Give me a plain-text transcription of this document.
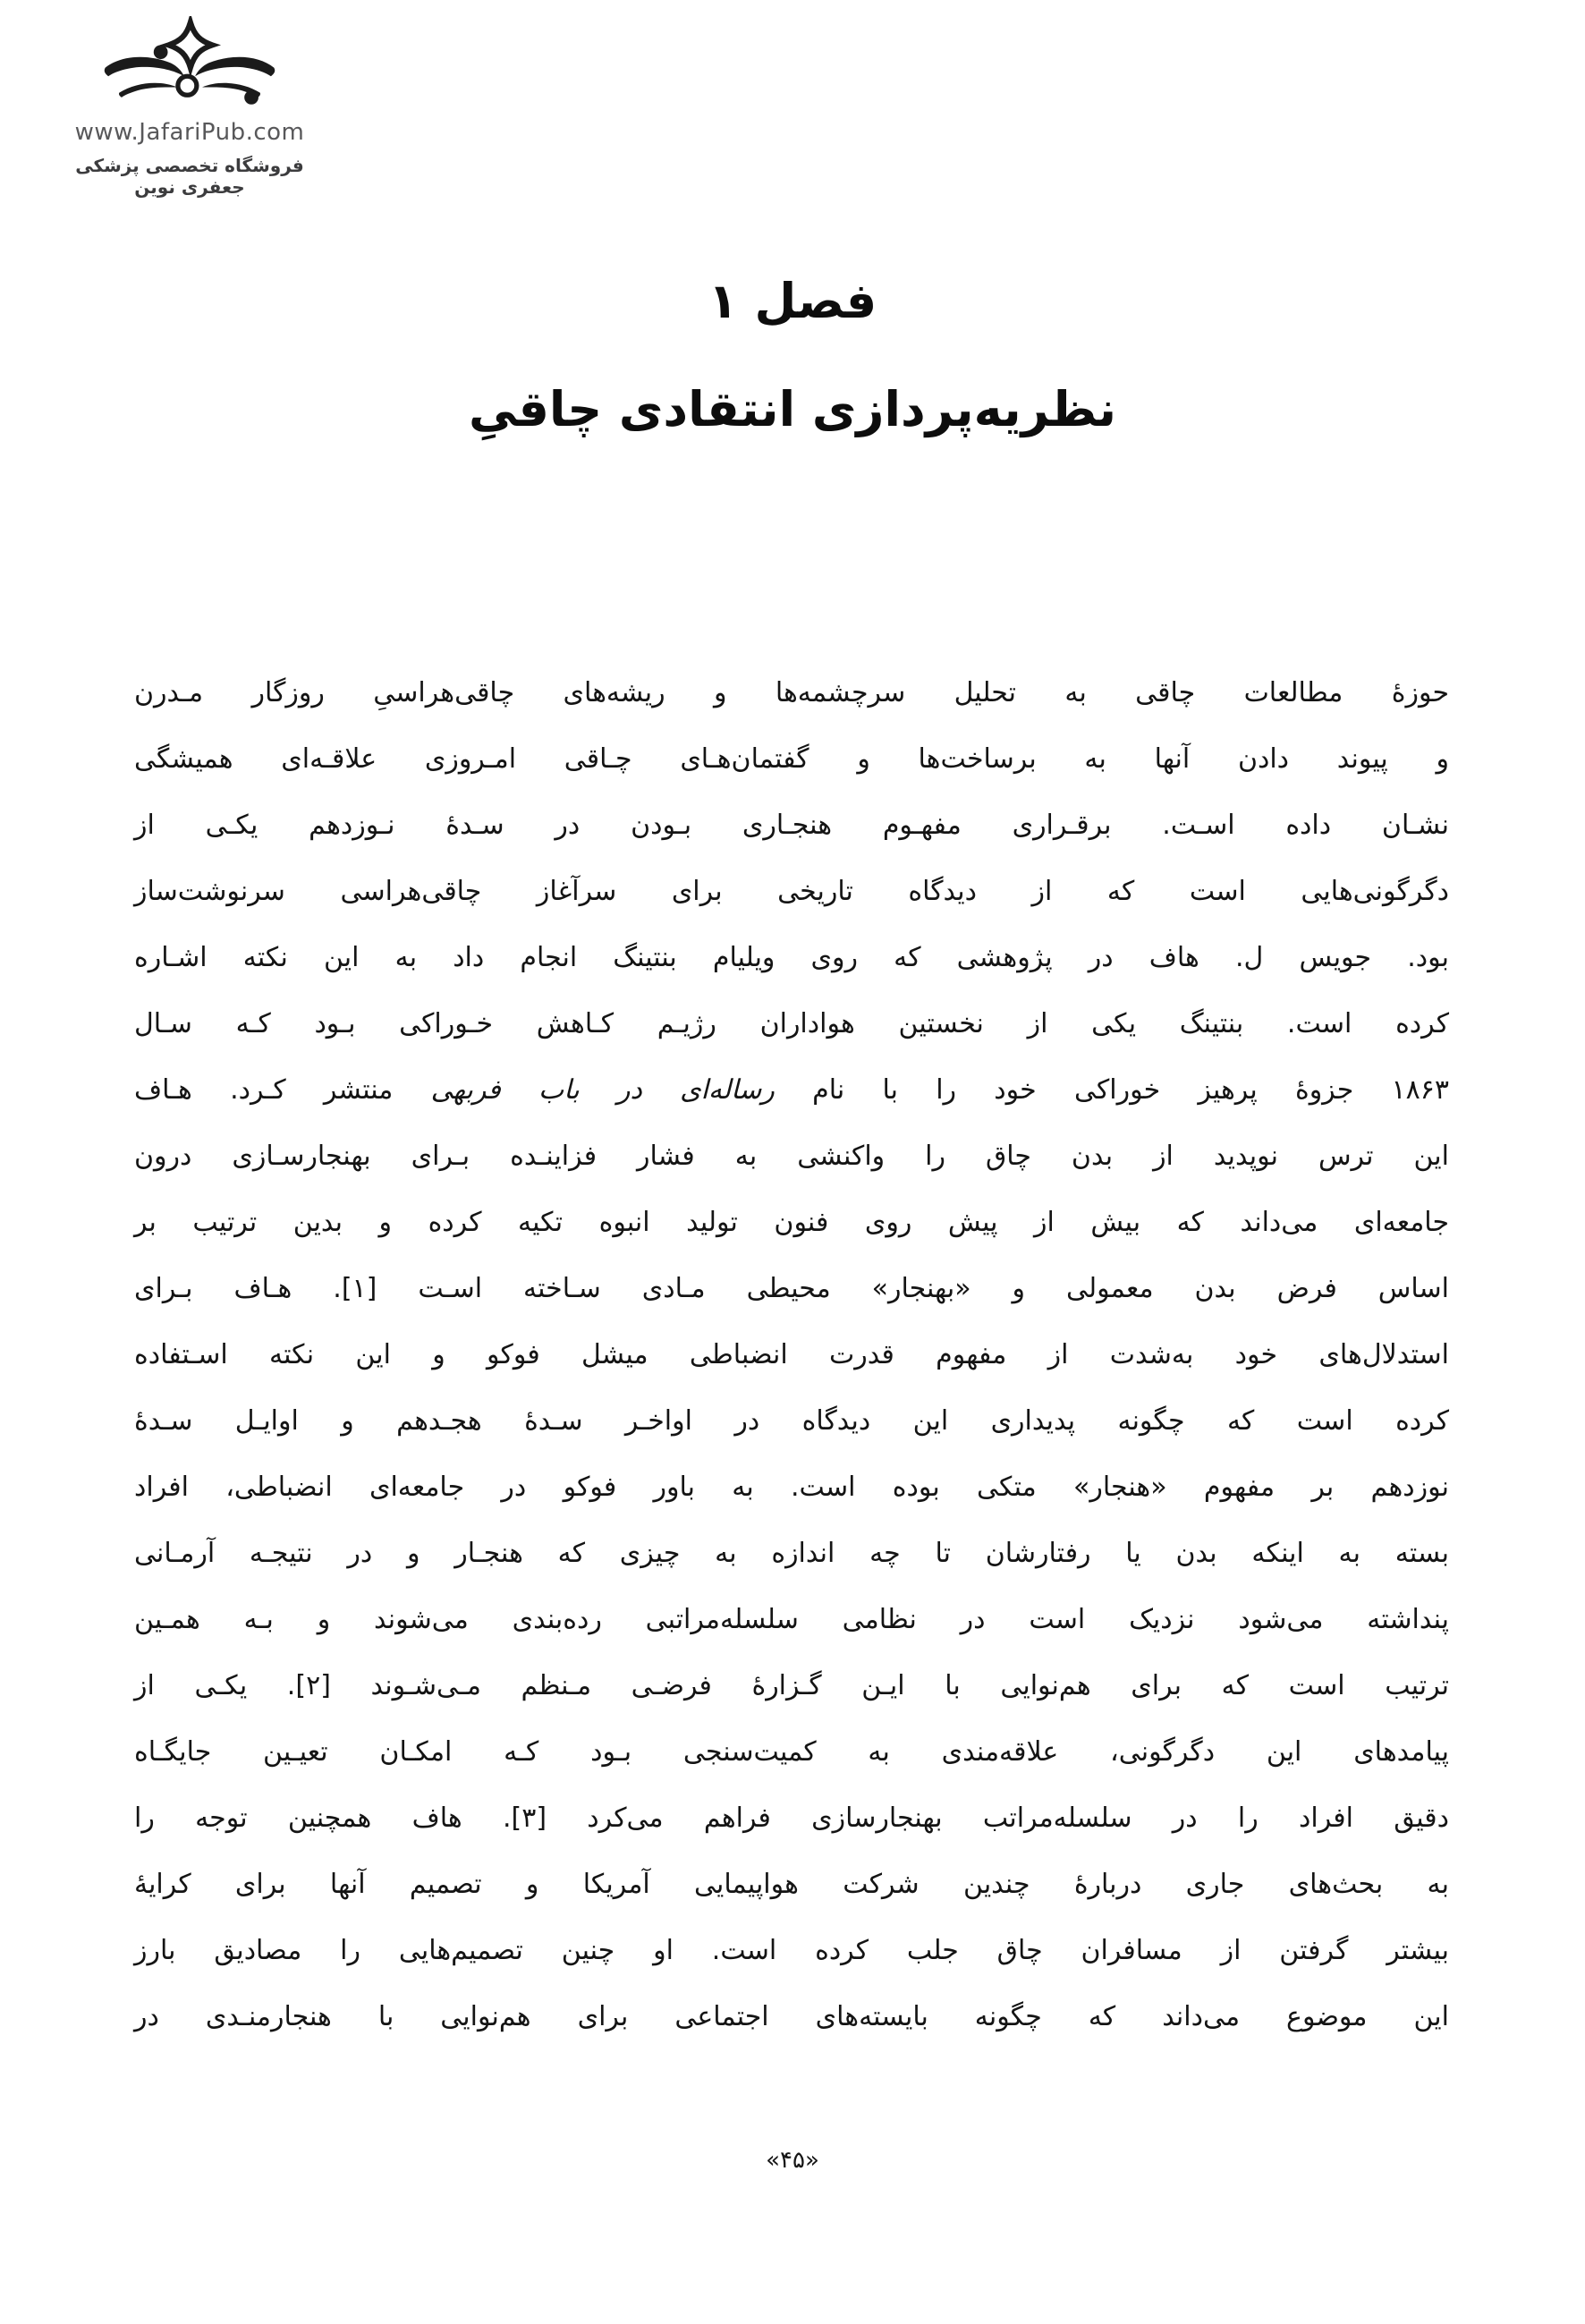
www.JafariPub.com
فروشگاه تخصصی پزشکی جعفری نوین
فصل ۱
نظریه‌پردازی انتقادی چاقیِ
حوزۀ مطالعات چاقی به تحلیل سرچشمه‌ها و ریشه‌های چاقی‌هراسیِ روزگار مـدرن
و پیوند دادن آنها به برساخت‌ها و گفتمان‌هـای چـاقی امـروزی علاقـه‌ای همیشگی
نشـان داده اسـت. برقـراری مفهـوم هنجـاری بـودن در سـدۀ نـوزدهم یکـی از
دگرگونی‌هایی است که از دیدگاه تاریخی برای سرآغاز چاقی‌هراسی سرنوشت‌ساز
بود. جویس ل. هاف در پژوهشی که روی ویلیام بنتینگ انجام داد به این نکته اشـاره
کرده است. بنتینگ یکی از نخستین هواداران رژیـم کـاهش خـوراکی بـود کـه سـال
۱۸۶۳ جزوۀ پرهیز خوراکی خود را با نام رساله‌ای در باب فربهی منتشر کـرد. هـاف
این ترس نوپدید از بدن چاق را واکنشی به فشار فزاینـده بـرای بهنجارسـازی درون
جامعه‌ای می‌داند که بیش از پیش روی فنون تولید انبوه تکیه کرده و بدین ترتیب بر
اساس فرض بدن معمولی و «بهنجار» محیطی مـادی سـاخته اسـت [۱]. هـاف بـرای
استدلال‌های خود به‌شدت از مفهوم قدرت انضباطی میشل فوکو و این نکته اسـتفاده
کرده است که چگونه پدیداری این دیدگاه در اواخـر سـدۀ هجـدهم و اوایـل سـدۀ
نوزدهم بر مفهوم «هنجار» متکی بوده است. به باور فوکو در جامعه‌ای انضباطی، افراد
بسته به اینکه بدن یا رفتارشان تا چه اندازه به چیزی که هنجـار و در نتیجـه آرمـانی
پنداشته می‌شود نزدیک است در نظامی سلسله‌مراتبی رده‌بندی می‌شوند و بـه همـین
ترتیب است که برای هم‌نوایی با ایـن گـزارۀ فرضـی مـنظم مـی‌شـوند [۲]. یکـی از
پیامدهای این دگرگونی، علاقه‌مندی به کمیت‌سنجی بـود کـه امکـان تعیـین جایگـاه
دقیق افراد را در سلسله‌مراتب بهنجارسازی فراهم می‌کرد [۳]. هاف همچنین توجه را
به بحث‌های جاری دربارۀ چندین شرکت هواپیمایی آمریکا و تصمیم آنها برای کرایۀ
بیشتر گرفتن از مسافران چاق جلب کرده است. او چنین تصمیم‌هایی را مصادیق بارز
این موضوع می‌داند که چگونه بایسته‌های اجتماعی برای هم‌نوایی با هنجارمنـدی در
«۴۵»
